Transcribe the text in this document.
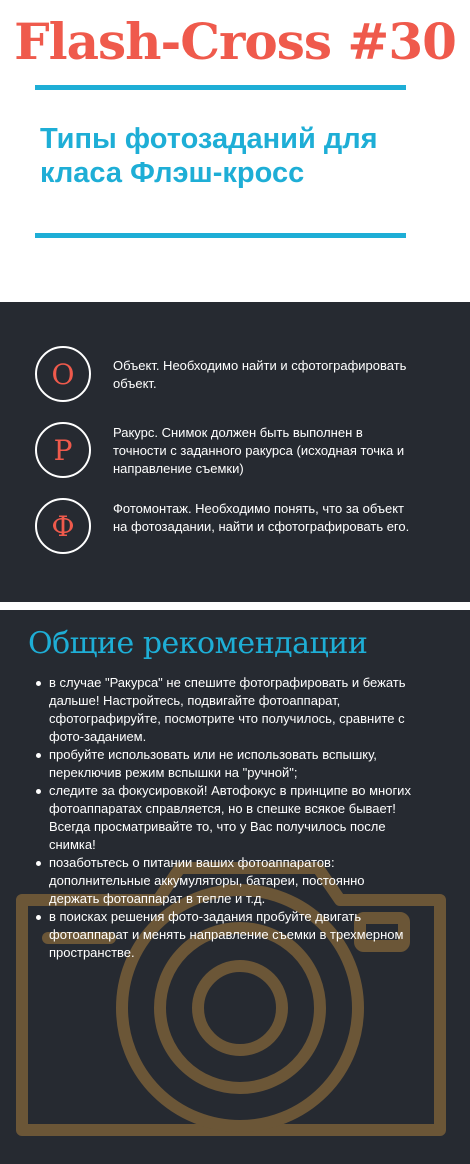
Flash-Cross #30
Типы фотозаданий для класа Флэш-кросс
О	Объект. Необходимо найти и сфотографировать объект.
Р
Ракурс. Снимок должен быть выполнен в точности с заданного ракурса (исходная точка и направление съемки)
Ф
Фотомонтаж. Необходимо понять, что за объект на фотозадании, найти и сфотографировать его.
Общие рекомендации
в случае "Ракурса" не спешите фотографировать и бежать дальше! Настройтесь, подвигайте фотоаппарат, сфотографируйте, посмотрите что получилось, сравните с фото-заданием.
пробуйте использовать или не использовать вспышку, переключив режим вспышки на "ручной";
следите за фокусировкой! Автофокус в принципе во многих фотоаппаратах справляется, но в спешке всякое бывает! Всегда просматривайте то, что у Вас получилось после снимка!
позаботьтесь о питании ваших фотоаппаратов: дополнительные аккумуляторы, батареи, постоянно держать фотоаппарат в тепле и т.д.
в поисках решения фото-задания пробуйте двигать фотоаппарат и менять направление съемки в трехмерном пространстве.
